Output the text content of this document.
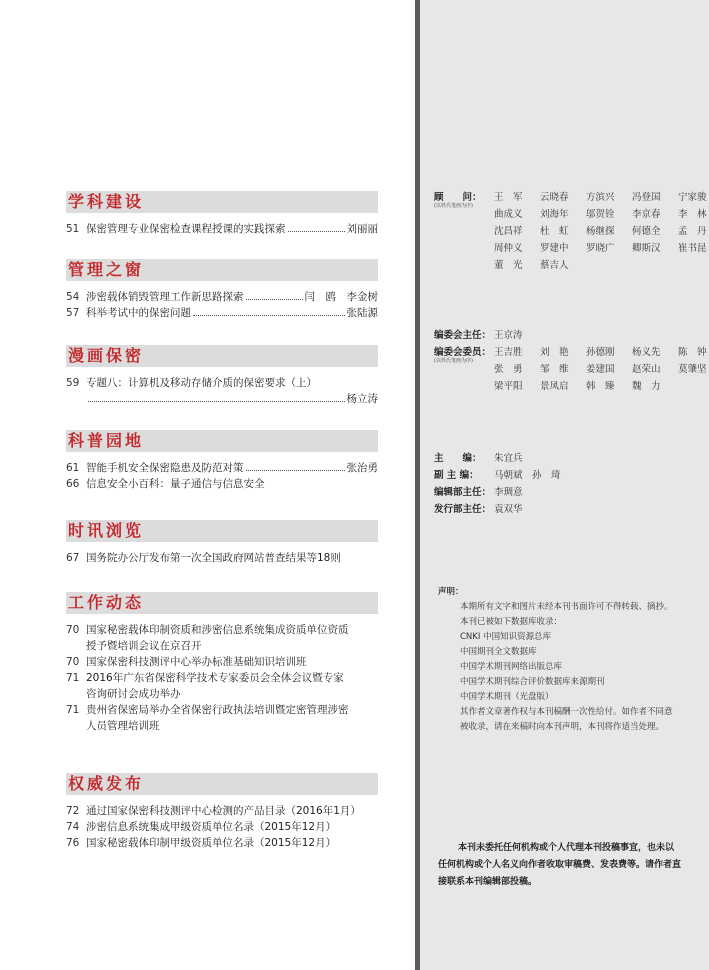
学科建设
51 保密管理专业保密检查课程授课的实践探索	刘丽丽
管理之窗
54 涉密载体销毁管理工作新思路探索	闫　鸥　李金树
57 科举考试中的保密问题	张陆源
漫画保密
59 专题八：计算机及移动存储介质的保密要求（上）
杨立涛
科普园地
61 智能手机安全保密隐患及防范对策	张治勇
66 信息安全小百科：量子通信与信息安全
时讯浏览
67 国务院办公厅发布第一次全国政府网站普查结果等18则
工作动态
70 国家秘密载体印制资质和涉密信息系统集成资质单位资质
授予暨培训会议在京召开
70 国家保密科技测评中心举办标准基础知识培训班
71 2016年广东省保密科学技术专家委员会全体会议暨专家
咨询研讨会成功举办
71 贵州省保密局举办全省保密行政执法培训暨定密管理涉密
人员管理培训班
权威发布
72 通过国家保密科技测评中心检测的产品目录（2016年1月）
74 涉密信息系统集成甲级资质单位名录（2015年12月）
76 国家秘密载体印制甲级资质单位名录（2015年12月）
顾　　问：
(以姓氏笔画为序)
王　军	云晓春	方滨兴	冯登国	宁家骏
曲成义	刘海年	邬贺铨	李京春	李　林
沈昌祥	杜　虹	杨继探	何德全	孟　丹
周仲义	罗建中	罗晓广	卿斯汉	崔书昆
董　光	蔡吉人
编委会主任： 王京涛
编委会委员：
(以姓氏笔画为序)
王吉胜	刘　艳	孙德刚	杨义先	陈　钟
张　勇	邹　维	姜建国	赵荣山	莫肇坚
梁平阳	景凤启	韩　臻	魏　力
主　　编：	朱宜兵
副 主 编：	马朝斌　孙　琦
编辑部主任： 李琱意
发行部主任： 袁双华

声明：

本期所有文字和图片未经本刊书面许可不得转载、摘抄。

本刊已被如下数据库收录：

CNKI 中国知识资源总库

中国期刊全文数据库

中国学术期刊网络出版总库

中国学术期刊综合评价数据库来源期刊

中国学术期刊（光盘版）

其作者文章著作权与本刊稿酬一次性给付。如作者不同意被收录，请在来稿时向本刊声明，本刊将作适当处理。

本刊未委托任何机构或个人代理本刊投稿事宜，也未以任何机构或个人名义向作者收取审稿费、发表费等。请作者直接联系本刊编辑部投稿。
